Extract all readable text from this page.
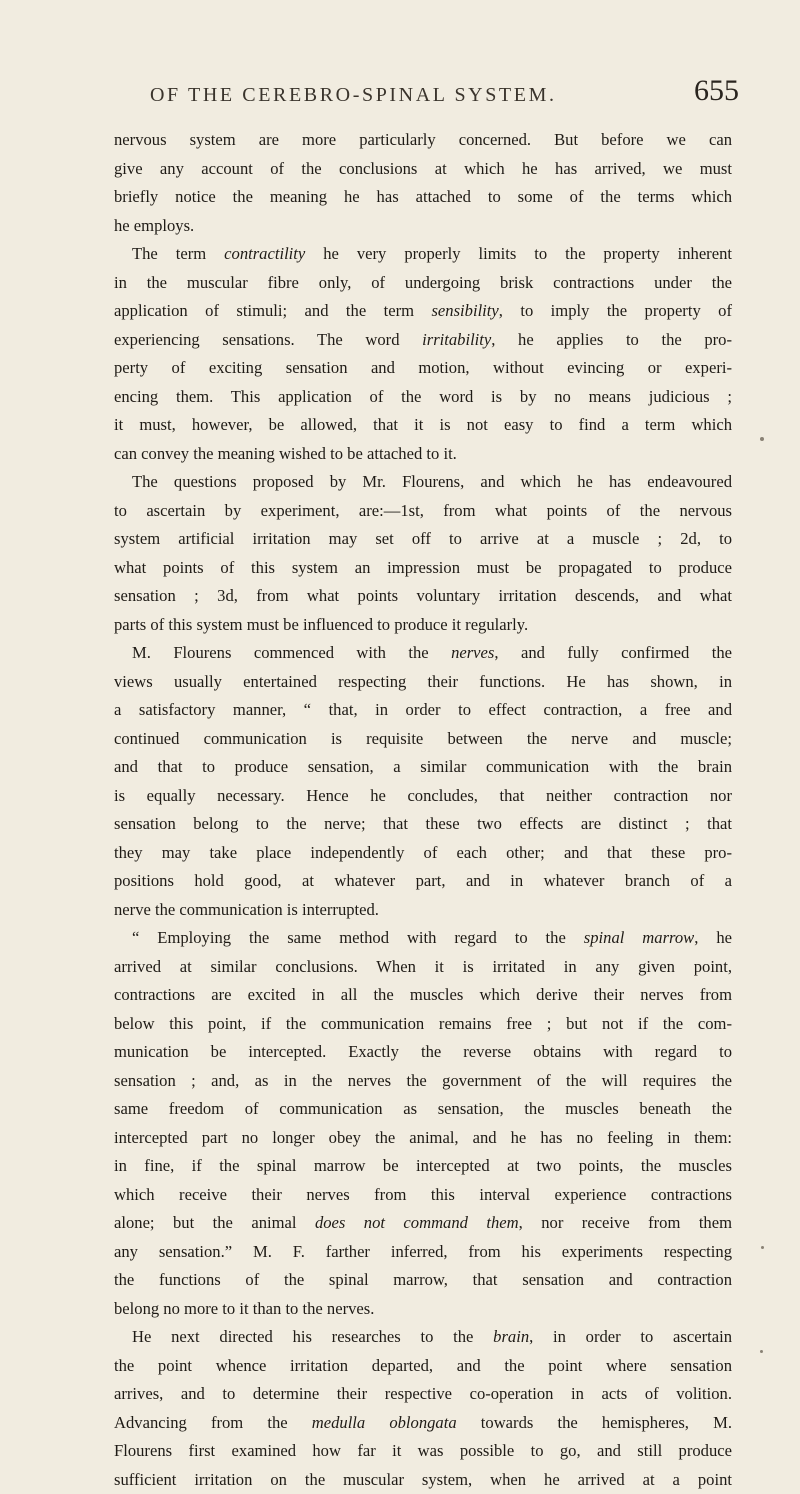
OF THE CEREBRO-SPINAL SYSTEM.	655
nervous system are more particularly concerned. But before we can
give any account of the conclusions at which he has arrived, we must
briefly notice the meaning he has attached to some of the terms which
he employs.
The term contractility he very properly limits to the property inherent
in the muscular fibre only, of undergoing brisk contractions under the
application of stimuli; and the term sensibility, to imply the property of
experiencing sensations. The word irritability, he applies to the pro-
perty of exciting sensation and motion, without evincing or experi-
encing them. This application of the word is by no means judicious ;
it must, however, be allowed, that it is not easy to find a term which
can convey the meaning wished to be attached to it.
The questions proposed by Mr. Flourens, and which he has endeavoured
to ascertain by experiment, are:—1st, from what points of the nervous
system artificial irritation may set off to arrive at a muscle ; 2d, to
what points of this system an impression must be propagated to produce
sensation ; 3d, from what points voluntary irritation descends, and what
parts of this system must be influenced to produce it regularly.
M. Flourens commenced with the nerves, and fully confirmed the
views usually entertained respecting their functions. He has shown, in
a satisfactory manner, “ that, in order to effect contraction, a free and
continued communication is requisite between the nerve and muscle;
and that to produce sensation, a similar communication with the brain
is equally necessary. Hence he concludes, that neither contraction nor
sensation belong to the nerve; that these two effects are distinct ; that
they may take place independently of each other; and that these pro-
positions hold good, at whatever part, and in whatever branch of a
nerve the communication is interrupted.
“ Employing the same method with regard to the spinal marrow, he
arrived at similar conclusions. When it is irritated in any given point,
contractions are excited in all the muscles which derive their nerves from
below this point, if the communication remains free ; but not if the com-
munication be intercepted. Exactly the reverse obtains with regard to
sensation ; and, as in the nerves the government of the will requires the
same freedom of communication as sensation, the muscles beneath the
intercepted part no longer obey the animal, and he has no feeling in them:
in fine, if the spinal marrow be intercepted at two points, the muscles
which receive their nerves from this interval experience contractions
alone; but the animal does not command them, nor receive from them
any sensation.” M. F. farther inferred, from his experiments respecting
the functions of the spinal marrow, that sensation and contraction
belong no more to it than to the nerves.
He next directed his researches to the brain, in order to ascertain
the point whence irritation departed, and the point where sensation
arrives, and to determine their respective co-operation in acts of volition.
Advancing from the medulla oblongata towards the hemispheres, M.
Flourens first examined how far it was possible to go, and still produce
sufficient irritation on the muscular system, when he arrived at a point
